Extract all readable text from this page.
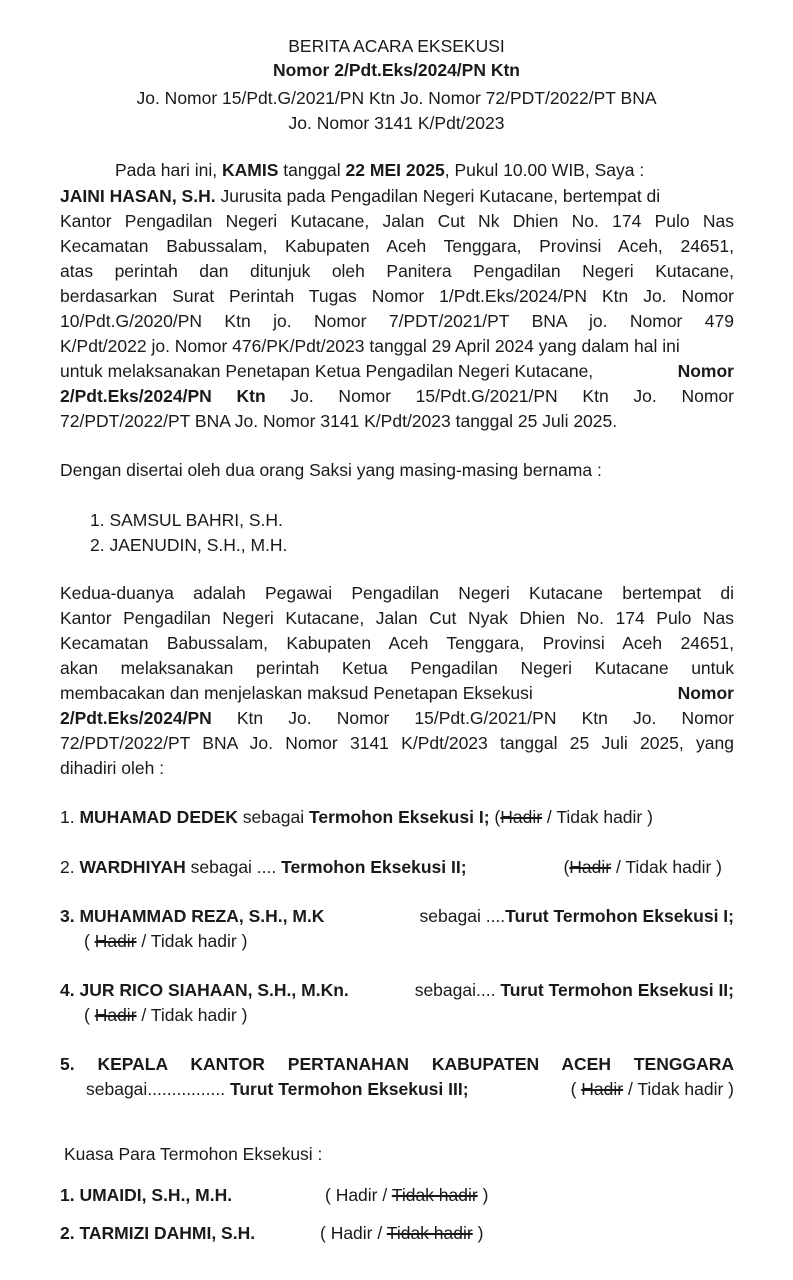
BERITA ACARA EKSEKUSI
Nomor 2/Pdt.Eks/2024/PN Ktn
Jo. Nomor 15/Pdt.G/2021/PN Ktn Jo. Nomor 72/PDT/2022/PT BNA
Jo. Nomor 3141 K/Pdt/2023
Pada hari ini, KAMIS tanggal 22 MEI 2025, Pukul 10.00 WIB, Saya :
JAINI HASAN, S.H. Jurusita pada Pengadilan Negeri Kutacane, bertempat di
Kantor Pengadilan Negeri Kutacane, Jalan Cut Nk Dhien No. 174 Pulo Nas
Kecamatan Babussalam, Kabupaten Aceh Tenggara, Provinsi Aceh, 24651,
atas perintah dan ditunjuk oleh Panitera Pengadilan Negeri Kutacane,
berdasarkan Surat Perintah Tugas Nomor 1/Pdt.Eks/2024/PN Ktn Jo. Nomor
10/Pdt.G/2020/PN Ktn jo. Nomor 7/PDT/2021/PT BNA jo. Nomor 479
K/Pdt/2022 jo. Nomor 476/PK/Pdt/2023 tanggal 29 April 2024 yang dalam hal ini
untuk melaksanakan Penetapan Ketua Pengadilan Negeri Kutacane,	Nomor
2/Pdt.Eks/2024/PN Ktn Jo. Nomor 15/Pdt.G/2021/PN Ktn Jo. Nomor
72/PDT/2022/PT BNA Jo. Nomor 3141 K/Pdt/2023 tanggal 25 Juli 2025.
Dengan disertai oleh dua orang Saksi yang masing-masing bernama :
1. SAMSUL BAHRI, S.H.
2. JAENUDIN, S.H., M.H.
Kedua-duanya adalah Pegawai Pengadilan Negeri Kutacane bertempat di
Kantor Pengadilan Negeri Kutacane, Jalan Cut Nyak Dhien No. 174 Pulo Nas
Kecamatan Babussalam, Kabupaten Aceh Tenggara, Provinsi Aceh 24651,
akan melaksanakan perintah Ketua Pengadilan Negeri Kutacane untuk
membacakan dan menjelaskan maksud Penetapan Eksekusi	Nomor
2/Pdt.Eks/2024/PN Ktn Jo. Nomor 15/Pdt.G/2021/PN Ktn Jo. Nomor
72/PDT/2022/PT BNA Jo. Nomor 3141 K/Pdt/2023 tanggal 25 Juli 2025, yang
dihadiri oleh :
1. MUHAMAD DEDEK sebagai Termohon Eksekusi I; (Hadir / Tidak hadir )
2. WARDHIYAH sebagai .... Termohon Eksekusi II;	(Hadir / Tidak hadir )
3. MUHAMMAD REZA, S.H., M.K	sebagai ....Turut Termohon Eksekusi I;
( Hadir / Tidak hadir )
4. JUR RICO SIAHAAN, S.H., M.Kn.	sebagai.... Turut Termohon Eksekusi II;
( Hadir / Tidak hadir )
5. KEPALA KANTOR PERTANAHAN KABUPATEN ACEH TENGGARA
sebagai................ Turut Termohon Eksekusi III;	( Hadir / Tidak hadir )
Kuasa Para Termohon Eksekusi :
1. UMAIDI, S.H., M.H.	( Hadir / Tidak hadir )
2. TARMIZI DAHMI, S.H.	( Hadir / Tidak hadir )
